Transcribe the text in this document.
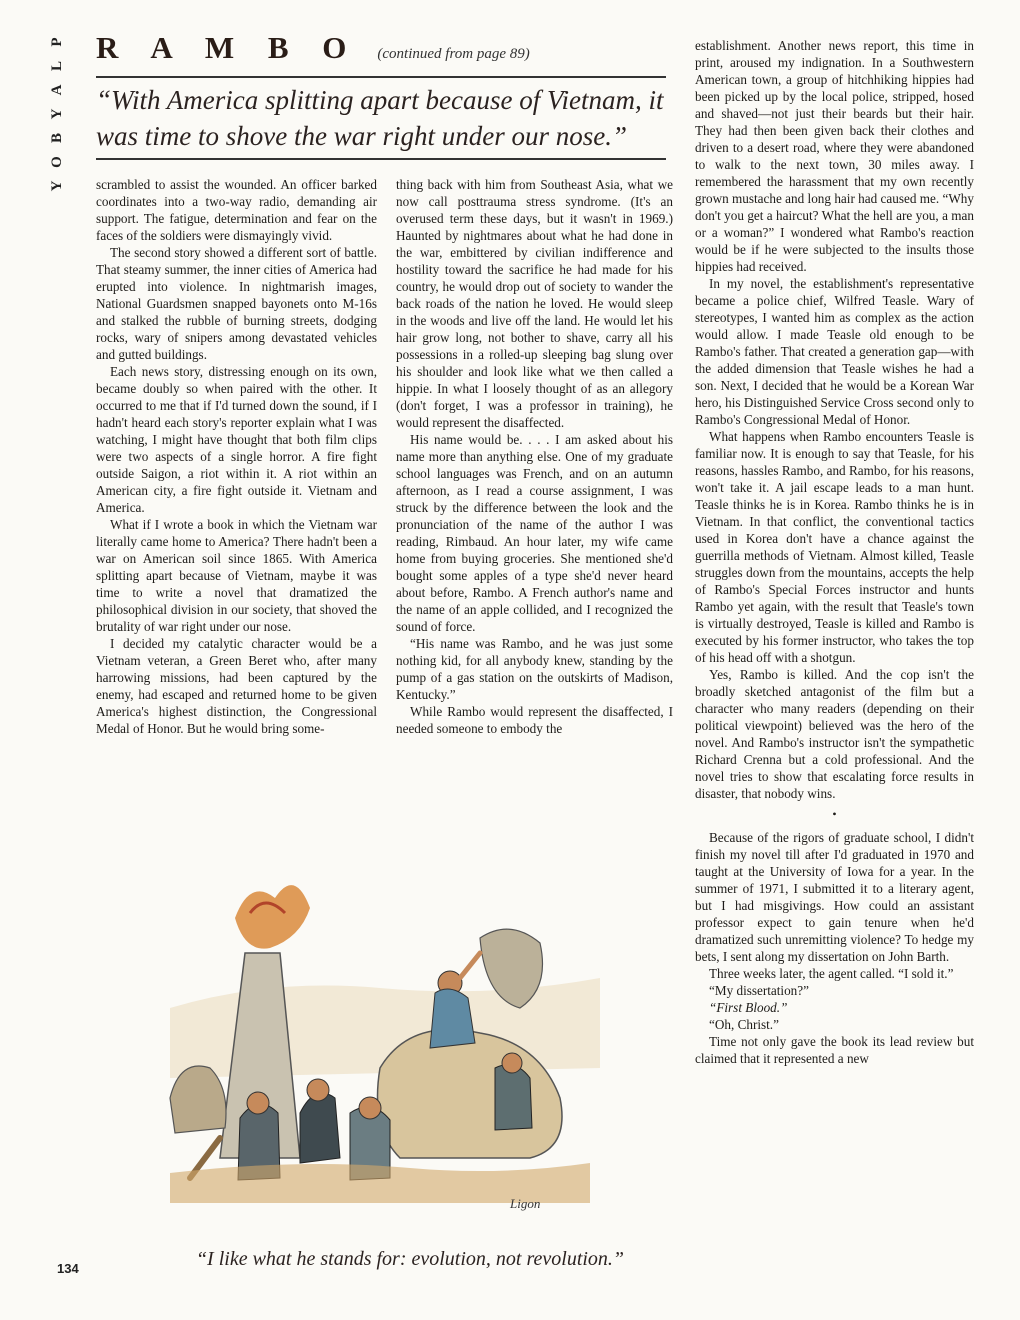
P
L
A
Y
B
O
Y
R A M B O (continued from page 89)
“With America splitting apart because of Vietnam, it was time to shove the war right under our nose.”

scrambled to assist the wounded. An officer barked coordinates into a two-way radio, demanding air support. The fatigue, determination and fear on the faces of the soldiers were dismayingly vivid.

The second story showed a different sort of battle. That steamy summer, the inner cities of America had erupted into violence. In nightmarish images, National Guardsmen snapped bayonets onto M-16s and stalked the rubble of burning streets, dodging rocks, wary of snipers among devastated vehicles and gutted buildings.

Each news story, distressing enough on its own, became doubly so when paired with the other. It occurred to me that if I'd turned down the sound, if I hadn't heard each story's reporter explain what I was watching, I might have thought that both film clips were two aspects of a single horror. A fire fight outside Saigon, a riot within it. A riot within an American city, a fire fight outside it. Vietnam and America.

What if I wrote a book in which the Vietnam war literally came home to America? There hadn't been a war on American soil since 1865. With America splitting apart because of Vietnam, maybe it was time to write a novel that dramatized the philosophical division in our society, that shoved the brutality of war right under our nose.

I decided my catalytic character would be a Vietnam veteran, a Green Beret who, after many harrowing missions, had been captured by the enemy, had escaped and returned home to be given America's highest distinction, the Congressional Medal of Honor. But he would bring some-

thing back with him from Southeast Asia, what we now call posttrauma stress syndrome. (It's an overused term these days, but it wasn't in 1969.) Haunted by nightmares about what he had done in the war, embittered by civilian indifference and hostility toward the sacrifice he had made for his country, he would drop out of society to wander the back roads of the nation he loved. He would sleep in the woods and live off the land. He would let his hair grow long, not bother to shave, carry all his possessions in a rolled-up sleeping bag slung over his shoulder and look like what we then called a hippie. In what I loosely thought of as an allegory (don't forget, I was a professor in training), he would represent the disaffected.

His name would be. . . . I am asked about his name more than anything else. One of my graduate school languages was French, and on an autumn afternoon, as I read a course assignment, I was struck by the difference between the look and the pronunciation of the name of the author I was reading, Rimbaud. An hour later, my wife came home from buying groceries. She mentioned she'd bought some apples of a type she'd never heard about before, Rambo. A French author's name and the name of an apple collided, and I recognized the sound of force.

“His name was Rambo, and he was just some nothing kid, for all anybody knew, standing by the pump of a gas station on the outskirts of Madison, Kentucky.”

While Rambo would represent the disaffected, I needed someone to embody the

establishment. Another news report, this time in print, aroused my indignation. In a Southwestern American town, a group of hitchhiking hippies had been picked up by the local police, stripped, hosed and shaved—not just their beards but their hair. They had then been given back their clothes and driven to a desert road, where they were abandoned to walk to the next town, 30 miles away. I remembered the harassment that my own recently grown mustache and long hair had caused me. “Why don't you get a haircut? What the hell are you, a man or a woman?” I wondered what Rambo's reaction would be if he were subjected to the insults those hippies had received.

In my novel, the establishment's representative became a police chief, Wilfred Teasle. Wary of stereotypes, I wanted him as complex as the action would allow. I made Teasle old enough to be Rambo's father. That created a generation gap—with the added dimension that Teasle wishes he had a son. Next, I decided that he would be a Korean War hero, his Distinguished Service Cross second only to Rambo's Congressional Medal of Honor.

What happens when Rambo encounters Teasle is familiar now. It is enough to say that Teasle, for his reasons, hassles Rambo, and Rambo, for his reasons, won't take it. A jail escape leads to a man hunt. Teasle thinks he is in Korea. Rambo thinks he is in Vietnam. In that conflict, the conventional tactics used in Korea don't have a chance against the guerrilla methods of Vietnam. Almost killed, Teasle struggles down from the mountains, accepts the help of Rambo's Special Forces instructor and hunts Rambo yet again, with the result that Teasle's town is virtually destroyed, Teasle is killed and Rambo is executed by his former instructor, who takes the top of his head off with a shotgun.

Yes, Rambo is killed. And the cop isn't the broadly sketched antagonist of the film but a character who many readers (depending on their political viewpoint) believed was the hero of the novel. And Rambo's instructor isn't the sympathetic Richard Crenna but a cold professional. And the novel tries to show that escalating force results in disaster, that nobody wins.

•

Because of the rigors of graduate school, I didn't finish my novel till after I'd graduated in 1970 and taught at the University of Iowa for a year. In the summer of 1971, I submitted it to a literary agent, but I had misgivings. How could an assistant professor expect to gain tenure when he'd dramatized such unremitting violence? To hedge my bets, I sent along my dissertation on John Barth.

Three weeks later, the agent called. “I sold it.”

“My dissertation?”

“First Blood.”

“Oh, Christ.”

Time not only gave the book its lead review but claimed that it represented a new

Ligon
“I like what he stands for: evolution, not revolution.”
134
